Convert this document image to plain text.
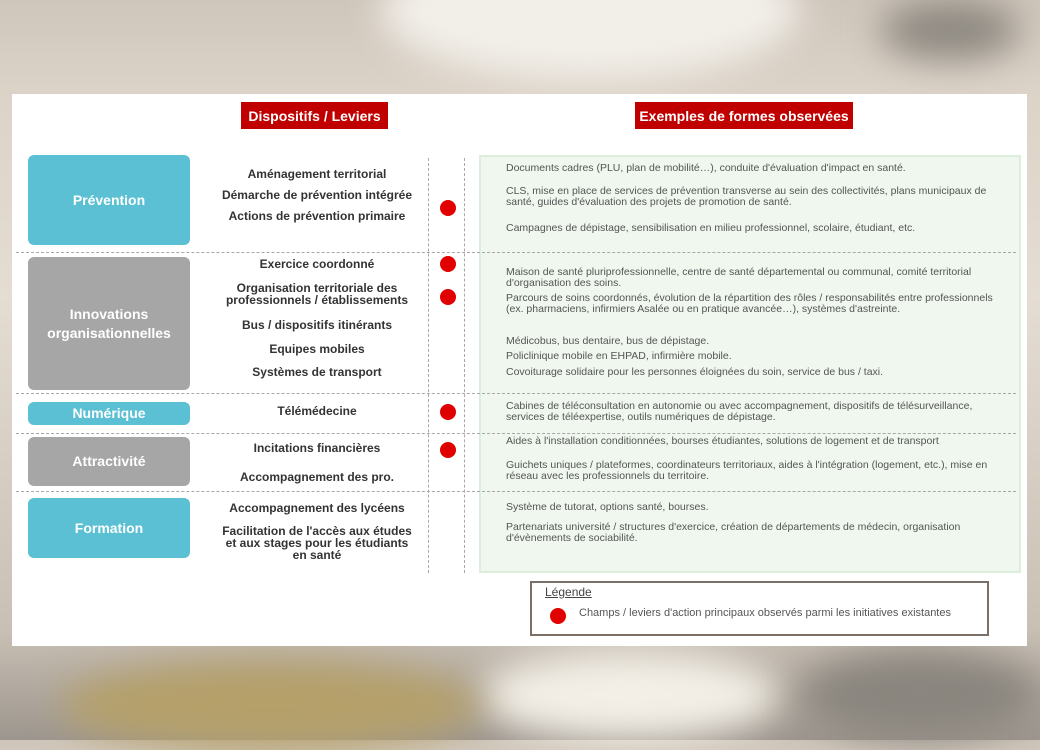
Dispositifs / Leviers	Exemples de formes observées
Prévention
Innovations organisationnelles
Numérique
Attractivité
Formation
Aménagement territorial
Démarche de prévention intégrée
Actions de prévention primaire
Exercice coordonné
Organisation territoriale des professionnels / établissements
Bus / dispositifs itinérants
Equipes mobiles
Systèmes de transport
Télémédecine
Incitations financières
Accompagnement des pro.
Accompagnement des lycéens
Facilitation de l'accès aux études et aux stages pour les étudiants en santé
Documents cadres (PLU, plan de mobilité…), conduite d'évaluation d'impact en santé.
CLS, mise en place de services de prévention transverse au sein des collectivités, plans municipaux de santé, guides d'évaluation des projets de promotion de santé.
Campagnes de dépistage, sensibilisation en milieu professionnel, scolaire, étudiant, etc.
Maison de santé pluriprofessionnelle, centre de santé départemental ou communal, comité territorial d'organisation des soins.
Parcours de soins coordonnés, évolution de la répartition des rôles / responsabilités entre professionnels (ex. pharmaciens, infirmiers Asalée ou en pratique avancée…), systèmes d'astreinte.
Médicobus, bus dentaire, bus de dépistage.
Policlinique mobile en EHPAD, infirmière mobile.
Covoiturage solidaire pour les personnes éloignées du soin, service de bus / taxi.
Cabines de téléconsultation en autonomie ou avec accompagnement, dispositifs de télésurveillance, services de téléexpertise, outils numériques de dépistage.
Aides à l'installation conditionnées, bourses étudiantes, solutions de logement et de transport
Guichets uniques / plateformes, coordinateurs territoriaux, aides à l'intégration (logement, etc.), mise en réseau avec les professionnels du territoire.
Système de tutorat, options santé, bourses.
Partenariats université / structures d'exercice, création de départements de médecin, organisation d'évènements de sociabilité.
Légende
Champs / leviers d'action principaux observés parmi les initiatives existantes
